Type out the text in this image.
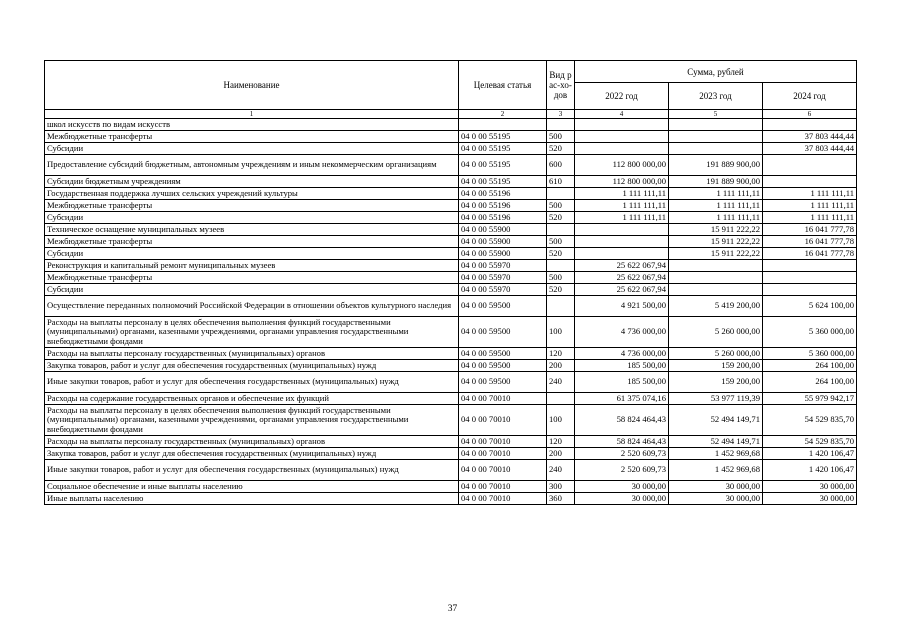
Наименование	Целевая статья	Вид рас-хо-дов	Сумма, рублей		
			2022 год	2023 год	2024 год
1	2	3	4	5	6
школ искусств по видам искусств					
Межбюджетные трансферты	04 0 00 55195	500			37 803 444,44
Субсидии	04 0 00 55195	520			37 803 444,44
Предоставление субсидий бюджетным, автономным учреждениям и иным некоммерческим организациям	04 0 00 55195	600	112 800 000,00	191 889 900,00	
Субсидии бюджетным учреждениям	04 0 00 55195	610	112 800 000,00	191 889 900,00	
Государственная поддержка лучших сельских учреждений культуры	04 0 00 55196		1 111 111,11	1 111 111,11	1 111 111,11
Межбюджетные трансферты	04 0 00 55196	500	1 111 111,11	1 111 111,11	1 111 111,11
Субсидии	04 0 00 55196	520	1 111 111,11	1 111 111,11	1 111 111,11
Техническое оснащение муниципальных музеев	04 0 00 55900			15 911 222,22	16 041 777,78
Межбюджетные трансферты	04 0 00 55900	500		15 911 222,22	16 041 777,78
Субсидии	04 0 00 55900	520		15 911 222,22	16 041 777,78
Реконструкция и капитальный ремонт муниципальных музеев	04 0 00 55970		25 622 067,94		
Межбюджетные трансферты	04 0 00 55970	500	25 622 067,94		
Субсидии	04 0 00 55970	520	25 622 067,94		
Осуществление переданных полномочий Российской Федерации в отношении объектов культурного наследия	04 0 00 59500		4 921 500,00	5 419 200,00	5 624 100,00
Расходы на выплаты персоналу в целях обеспечения выполнения функций государственными (муниципальными) органами, казенными учреждениями, органами управления государственными внебюджетными фондами	04 0 00 59500	100	4 736 000,00	5 260 000,00	5 360 000,00
Расходы на выплаты персоналу государственных (муниципальных) органов	04 0 00 59500	120	4 736 000,00	5 260 000,00	5 360 000,00
Закупка товаров, работ и услуг для обеспечения государственных (муниципальных) нужд	04 0 00 59500	200	185 500,00	159 200,00	264 100,00
Иные закупки товаров, работ и услуг для обеспечения государственных (муниципальных) нужд	04 0 00 59500	240	185 500,00	159 200,00	264 100,00
Расходы на содержание государственных органов и обеспечение их функций	04 0 00 70010		61 375 074,16	53 977 119,39	55 979 942,17
Расходы на выплаты персоналу в целях обеспечения выполнения функций государственными (муниципальными) органами, казенными учреждениями, органами управления государственными внебюджетными фондами	04 0 00 70010	100	58 824 464,43	52 494 149,71	54 529 835,70
Расходы на выплаты персоналу государственных (муниципальных) органов	04 0 00 70010	120	58 824 464,43	52 494 149,71	54 529 835,70
Закупка товаров, работ и услуг для обеспечения государственных (муниципальных) нужд	04 0 00 70010	200	2 520 609,73	1 452 969,68	1 420 106,47
Иные закупки товаров, работ и услуг для обеспечения государственных (муниципальных) нужд	04 0 00 70010	240	2 520 609,73	1 452 969,68	1 420 106,47
Социальное обеспечение и иные выплаты населению	04 0 00 70010	300	30 000,00	30 000,00	30 000,00
Иные выплаты населению	04 0 00 70010	360	30 000,00	30 000,00	30 000,00
37
